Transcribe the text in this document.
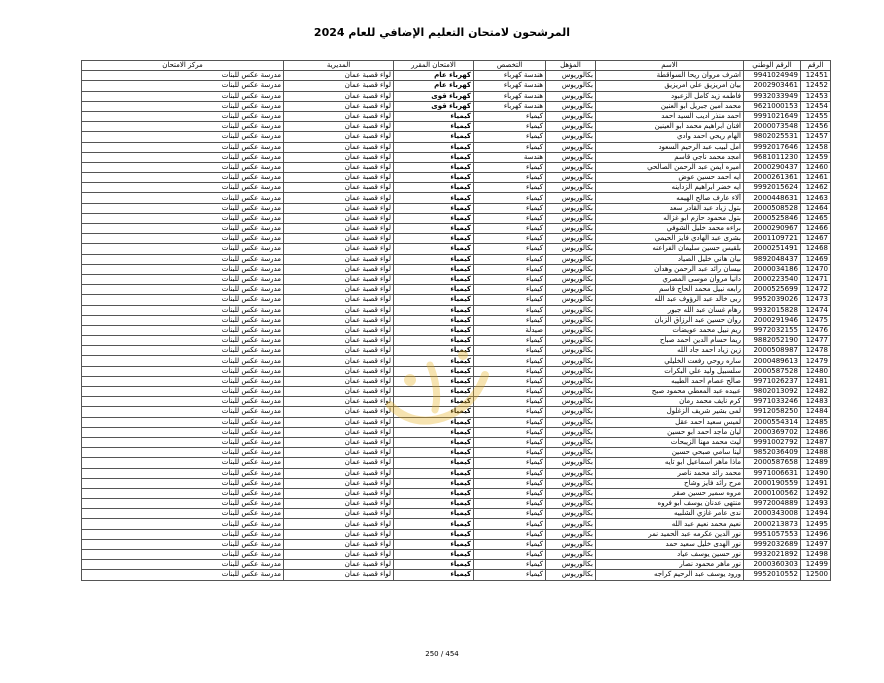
المرشحون لامتحان التعليم الإضافي للعام 2024
الرقم	الرقم الوطني	الاسم	المؤهل	التخصص	الامتحان المقرر	المديرية	مركز الامتحان
12451	9941024949	اشرف مروان ريحا السواقطة	بكالوريوس	هندسة كهرباء	كهرباء عام	لواء قصبة عمان	مدرسة عكس للبنات
12452	2002903461	بيان امريزيق علي امريزيق	بكالوريوس	هندسة كهرباء	كهرباء عام	لواء قصبة عمان	مدرسة عكس للبنات
12453	9932033949	فاطمه زيد كامل الزعبود	بكالوريوس	هندسة كهرباء	كهرباء قوى	لواء قصبة عمان	مدرسة عكس للبنات
12454	9621000153	محمد امين جبريل ابو العنين	بكالوريوس	هندسة كهرباء	كهرباء قوى	لواء قصبة عمان	مدرسة عكس للبنات
12455	9991021649	احمد منذر اديب السيد احمد	بكالوريوس	كيمياء	كيمياء	لواء قصبة عمان	مدرسة عكس للبنات
12456	2000073548	افنان ابراهيم محمد ابو العينين	بكالوريوس	كيمياء	كيمياء	لواء قصبة عمان	مدرسة عكس للبنات
12457	9802025531	الهام ريحي احمد وادي	بكالوريوس	كيمياء	كيمياء	لواء قصبة عمان	مدرسة عكس للبنات
12458	9992017646	امل لبيب عبد الرحيم السعود	بكالوريوس	كيمياء	كيمياء	لواء قصبة عمان	مدرسة عكس للبنات
12459	9681011230	امجد محمد ناجي قاسم	بكالوريوس	هندسة	كيمياء	لواء قصبة عمان	مدرسة عكس للبنات
12460	2000290437	اميره ايمن عبد الرحمن الصالحي	بكالوريوس	كيمياء	كيمياء	لواء قصبة عمان	مدرسة عكس للبنات
12461	2000261361	ايه احمد حسين عوض	بكالوريوس	كيمياء	كيمياء	لواء قصبة عمان	مدرسة عكس للبنات
12462	9992015624	ايه خضر ابراهيم الزداينه	بكالوريوس	كيمياء	كيمياء	لواء قصبة عمان	مدرسة عكس للبنات
12463	2000448631	آلاء عارف صالح الهيمه	بكالوريوس	كيمياء	كيمياء	لواء قصبة عمان	مدرسة عكس للبنات
12464	2000508528	بتول زياد عبد القادر سعد	بكالوريوس	كيمياء	كيمياء	لواء قصبة عمان	مدرسة عكس للبنات
12465	2000525846	بتول محمود حازم ابو غزاله	بكالوريوس	كيمياء	كيمياء	لواء قصبة عمان	مدرسة عكس للبنات
12466	2000290967	براءه محمد خليل الشوفي	بكالوريوس	كيمياء	كيمياء	لواء قصبة عمان	مدرسة عكس للبنات
12467	2001109721	بشرى عبد الهادي فايز الحيمي	بكالوريوس	كيمياء	كيمياء	لواء قصبة عمان	مدرسة عكس للبنات
12468	2000251491	بلقيس حسين سليمان الفراعنه	بكالوريوس	كيمياء	كيمياء	لواء قصبة عمان	مدرسة عكس للبنات
12469	9892048437	بيان هاني خليل الصياد	بكالوريوس	كيمياء	كيمياء	لواء قصبة عمان	مدرسة عكس للبنات
12470	2000034186	بيسان رائد عبد الرحمن وهدان	بكالوريوس	كيمياء	كيمياء	لواء قصبة عمان	مدرسة عكس للبنات
12471	2000223540	دانيا مروان موسى المصري	بكالوريوس	كيمياء	كيمياء	لواء قصبة عمان	مدرسة عكس للبنات
12472	2000525699	رابعه نبيل محمد الحاج قاسم	بكالوريوس	كيمياء	كيمياء	لواء قصبة عمان	مدرسة عكس للبنات
12473	9952039026	ربى خالد عبد الرؤوف عبد الله	بكالوريوس	كيمياء	كيمياء	لواء قصبة عمان	مدرسة عكس للبنات
12474	9932015828	رهام غسان عبد الله جبور	بكالوريوس	كيمياء	كيمياء	لواء قصبة عمان	مدرسة عكس للبنات
12475	2000291946	روان حسين عبد الرزاق الزبان	بكالوريوس	كيمياء	كيمياء	لواء قصبة عمان	مدرسة عكس للبنات
12476	9972032155	ريم نبيل محمد عويضات	بكالوريوس	صيدلة	كيمياء	لواء قصبة عمان	مدرسة عكس للبنات
12477	9882052190	ريما حسام الدين احمد صباح	بكالوريوس	كيمياء	كيمياء	لواء قصبة عمان	مدرسة عكس للبنات
12478	2000508987	زين زياد احمد جاد الله	بكالوريوس	كيمياء	كيمياء	لواء قصبة عمان	مدرسة عكس للبنات
12479	2000489613	ساره روحي رفعت الخليلي	بكالوريوس	كيمياء	كيمياء	لواء قصبة عمان	مدرسة عكس للبنات
12480	2000587528	سلسبيل وليد علي البكرات	بكالوريوس	كيمياء	كيمياء	لواء قصبة عمان	مدرسة عكس للبنات
12481	9971026237	صالح عصام احمد الطيبه	بكالوريوس	كيمياء	كيمياء	لواء قصبة عمان	مدرسة عكس للبنات
12482	9802013092	عبيده عبد المعطي محمود صبح	بكالوريوس	كيمياء	كيمياء	لواء قصبة عمان	مدرسة عكس للبنات
12483	9971033246	كرم نايف محمد رمان	بكالوريوس	كيمياء	كيمياء	لواء قصبة عمان	مدرسة عكس للبنات
12484	9912058250	لمى بشير شريف الزغلول	بكالوريوس	كيمياء	كيمياء	لواء قصبة عمان	مدرسة عكس للبنات
12485	2000554314	لميس سعيد احمد عقل	بكالوريوس	كيمياء	كيمياء	لواء قصبة عمان	مدرسة عكس للبنات
12486	2000369702	ليان ماجد احمد ابو حسين	بكالوريوس	كيمياء	كيمياء	لواء قصبة عمان	مدرسة عكس للبنات
12487	9991002792	ليث محمد مهنا الزيبحات	بكالوريوس	كيمياء	كيمياء	لواء قصبة عمان	مدرسة عكس للبنات
12488	9852036409	لينا سامي صبحي حسين	بكالوريوس	كيمياء	كيمياء	لواء قصبة عمان	مدرسة عكس للبنات
12489	2000587658	ماذا ماهر اسماعيل ابو تايه	بكالوريوس	كيمياء	كيمياء	لواء قصبة عمان	مدرسة عكس للبنات
12490	9971006631	محمد رائد محمد ناصر	بكالوريوس	كيمياء	كيمياء	لواء قصبة عمان	مدرسة عكس للبنات
12491	2000190559	مرح رائد فايز وشاح	بكالوريوس	كيمياء	كيمياء	لواء قصبة عمان	مدرسة عكس للبنات
12492	2000100562	مروه سمير حسين صقر	بكالوريوس	كيمياء	كيمياء	لواء قصبة عمان	مدرسة عكس للبنات
12493	9972004889	منتهى عدنان يوسف ابو فروه	بكالوريوس	كيمياء	كيمياء	لواء قصبة عمان	مدرسة عكس للبنات
12494	2000343008	ندى عامر غازي الشلبيه	بكالوريوس	كيمياء	كيمياء	لواء قصبة عمان	مدرسة عكس للبنات
12495	2000213873	نعيم محمد نعيم عبد الله	بكالوريوس	كيمياء	كيمياء	لواء قصبة عمان	مدرسة عكس للبنات
12496	9951057553	نور الدين عكرمه عبد الحميد نمر	بكالوريوس	كيمياء	كيمياء	لواء قصبة عمان	مدرسة عكس للبنات
12497	9992032689	نور الهدى خليل سعيد حمد	بكالوريوس	كيمياء	كيمياء	لواء قصبة عمان	مدرسة عكس للبنات
12498	9932021892	نور حسين يوسف عياد	بكالوريوس	كيمياء	كيمياء	لواء قصبة عمان	مدرسة عكس للبنات
12499	2000360303	نور ماهر محمود نصار	بكالوريوس	كيمياء	كيمياء	لواء قصبة عمان	مدرسة عكس للبنات
12500	9952010552	ورود يوسف عبد الرحيم كراجه	بكالوريوس	كيمياء	كيمياء	لواء قصبة عمان	مدرسة عكس للبنات
250 / 454
